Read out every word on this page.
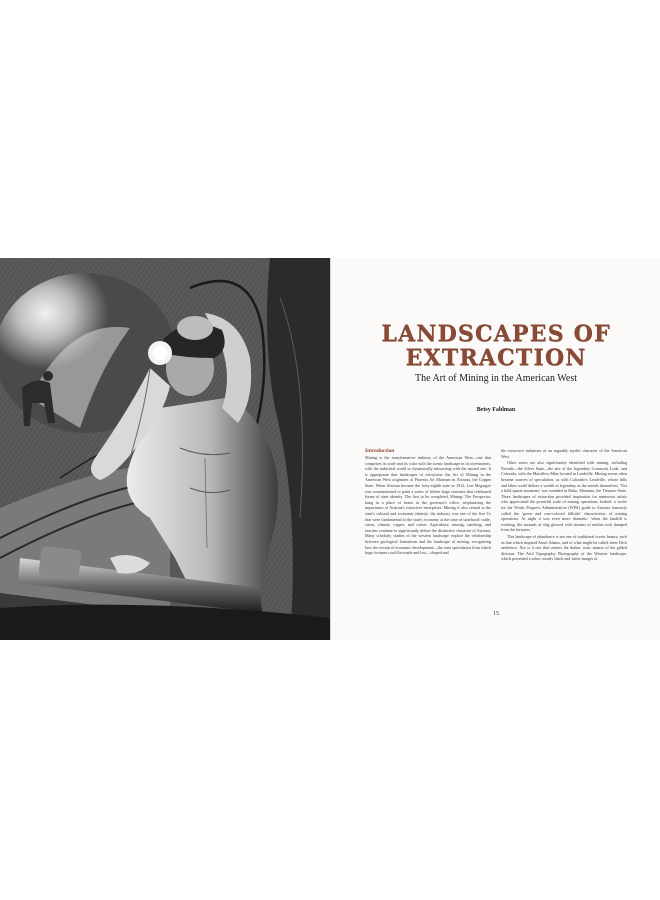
LANDSCAPES OF
EXTRACTION
The Art of Mining in the American West
Betsy Fahlman
Introduction

Mining is the transformative industry of the American West—one that comprises its scale and its color with the scenic landscape in its investments, with the industrial world so dynamically interacting with the natural one. It is appropriate that landscapes of extraction: the Art of Mining in the American West originates at Phoenix Art Museum in Arizona, the Copper State. When Arizona became the forty-eighth state in 1912, Lon Megargee was commissioned to paint a series of fifteen large canvases that celebrated forms of state identity. The first to be completed, Mining: The Prospector, hung in a place of honor in the governor's office, emphasizing the importance of Arizona's extractive enterprises. Mining is also central to the state's cultural and economic identity: the industry was one of the five Cs that were fundamental to the state's economy at the time of statehood: cattle, citrus, climate, copper, and cotton. Agriculture, mining, ranching, and tourism continue to significantly define the distinctive character of Arizona. Many scholarly studies of the western landscape explore the relationship between geological formations and the landscape of mining, recognizing how the terrain of economic development—the ratio speculation from which huge fortunes could be made and lost—shaped and

the extractive industries of an arguably mythic character of the American West.

Other states are also significantly identified with mining, including Nevada—the Silver State—the site of the legendary Comstock Lode, and Colorado, with the Matchless Mine located in Leadville. Mining towns often became sources of speculation, as with Colorado's Leadville, whose hills and lakes could deliver a wealth as legendary as the metals themselves. 'Not a hold quartz mountain' was sounded in Butte, Montana, the Treasure State. Three landscapes of extraction provided inspiration for numerous artists who appreciated the powerful scale of mining operations. Indeed, a writer for the Works Progress Administration (WPA) guide to Arizona famously called the 'green and rose-colored hillside' characteristic of mining operations. At night it was even more dramatic: 'when the landfill is working, the mounds of slag glowed with streams of molten rock dumped from the furnaces.'

This landscape of abundance is not one of traditional scenic beauty, such as that which inspired Ansel Adams, and of what might be called sheer Dick aesthetics. Nor is it one that centers the darker, toxic miners of the gilded division. The Arid Topography Photography of the Western landscape, which presented a sober, mostly black and white images of

15
